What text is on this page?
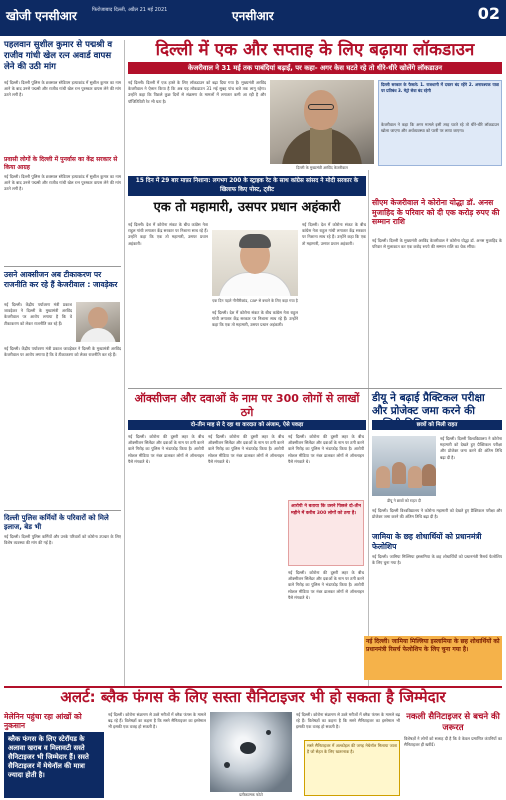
खोजी एनसीआर	फिरोजाबाद दिल्ली, अप्रैल 21 मई 2021	एनसीआर	02
पहलवान सुशील कुमार से पद्मश्री व राजीव गांधी खेल रत्न अवार्ड वापस लेने की उठी मांग
नई दिल्ली। दिल्ली पुलिस के छत्रसाल स्टेडियम हत्याकांड में सुशील कुमार का नाम आने के बाद उनसे पद्मश्री और राजीव गांधी खेल रत्न पुरस्कार वापस लेने की मांग उठने लगी है।
प्रवासी लोगों के दिल्ली में पुनर्वास का केंद्र सरकार से किया आग्रह
नई दिल्ली। दिल्ली पुलिस के छत्रसाल स्टेडियम हत्याकांड में सुशील कुमार का नाम आने के बाद उनसे पद्मश्री और राजीव गांधी खेल रत्न पुरस्कार वापस लेने की मांग उठने लगी है।
उसने आक्सीजन अब टीकाकरण पर राजनीति कर रहे हैं केजरीवाल : जावड़ेकर
नई दिल्ली। केंद्रीय पर्यावरण मंत्री प्रकाश जावड़ेकर ने दिल्ली के मुख्यमंत्री अरविंद केजरीवाल पर आरोप लगाया है कि वे टीकाकरण को लेकर राजनीति कर रहे हैं।
नई दिल्ली। केंद्रीय पर्यावरण मंत्री प्रकाश जावड़ेकर ने दिल्ली के मुख्यमंत्री अरविंद केजरीवाल पर आरोप लगाया है कि वे टीकाकरण को लेकर राजनीति कर रहे हैं।
दिल्ली पुलिस कर्मियों के परिवारों को मिले इलाज, बेड भी
नई दिल्ली। दिल्ली पुलिस कर्मियों और उनके परिवारों को कोरोना उपचार के लिए विशेष व्यवस्था की मांग की गई है।
दिल्ली में एक और सप्ताह के लिए बढ़ाया लॉकडाउन
केजरीवाल ने 31 मई तक पाबंदियां बढ़ाईं, पर कहा- अगर केस घटते रहे तो धीरे-धीरे खोलेंगे लॉकडाउन
नई दिल्ली। दिल्ली में एक हफ्ते के लिए लॉकडाउन को बढ़ा दिया गया है। मुख्यमंत्री अरविंद केजरीवाल ने ऐलान किया है कि अब यह लॉकडाउन 31 मई सुबह पांच बजे तक लागू रहेगा। उन्होंने कहा कि पिछले कुछ दिनों से संक्रमण के मामलों में लगातार कमी आ रही है और पॉजिटिविटी रेट भी घटा है।
दिल्ली के मुख्यमंत्री अरविंद केजरीवाल
दिल्ली सरकार के फैसले: 1. राजधानी में दफ्तर बंद रहेंगे 2. अनावश्यक यात्रा पर प्रतिबंध 3. मेट्रो सेवा बंद रहेगी
केजरीवाल ने कहा कि अगर मामले इसी तरह घटते रहे तो धीरे-धीरे लॉकडाउन खोला जाएगा और अर्थव्यवस्था को पटरी पर लाया जाएगा।
15 दिन में 29 बार माफ़ा निशाना: लगभग 200 के स्ट्राइक रेट के साथ कांग्रेस सांसद ने मोदी सरकार के खिलाफ किए पोस्ट, ट्वीट
एक तो महामारी, उसपर प्रधान अहंकारी
नई दिल्ली। देश में कोरोना संकट के बीच कांग्रेस नेता राहुल गांधी लगातार केंद्र सरकार पर निशाना साध रहे हैं। उन्होंने कहा कि एक तो महामारी, उसपर प्रधान अहंकारी।
एक दिन पहले नीनीरीकांड, CBP से बचाने के लिए कहा गया है
नई दिल्ली। देश में कोरोना संकट के बीच कांग्रेस नेता राहुल गांधी लगातार केंद्र सरकार पर निशाना साध रहे हैं। उन्होंने कहा कि एक तो महामारी, उसपर प्रधान अहंकारी।
नई दिल्ली। देश में कोरोना संकट के बीच कांग्रेस नेता राहुल गांधी लगातार केंद्र सरकार पर निशाना साध रहे हैं। उन्होंने कहा कि एक तो महामारी, उसपर प्रधान अहंकारी।
सीएम केजरीवाल ने कोरोना योद्धा डॉ. अनस मुजाहिद के परिवार को दी एक करोड़ रुपए की सम्मान राशि
नई दिल्ली। दिल्ली के मुख्यमंत्री अरविंद केजरीवाल ने कोरोना योद्धा डॉ. अनस मुजाहिद के परिवार से मुलाकात कर एक करोड़ रुपये की सम्मान राशि का चेक सौंपा।
ऑक्सीजन और दवाओं के नाम पर 300 लोगों से लाखों ठगे
दो-तीन माह से दे रहा था वारदात को अंजाम, ऐसे पकड़ा
नई दिल्ली। कोरोना की दूसरी लहर के बीच ऑक्सीजन सिलेंडर और दवाओं के नाम पर ठगी करने वाले गिरोह का पुलिस ने भंडाफोड़ किया है। आरोपी सोशल मीडिया पर नंबर डालकर लोगों से ऑनलाइन पैसे मंगवाते थे।
नई दिल्ली। कोरोना की दूसरी लहर के बीच ऑक्सीजन सिलेंडर और दवाओं के नाम पर ठगी करने वाले गिरोह का पुलिस ने भंडाफोड़ किया है। आरोपी सोशल मीडिया पर नंबर डालकर लोगों से ऑनलाइन पैसे मंगवाते थे।
आरोपी ने बताया कि उसने पिछले दो-तीन महीने में करीब 300 लोगों को ठगा है।
नई दिल्ली। कोरोना की दूसरी लहर के बीच ऑक्सीजन सिलेंडर और दवाओं के नाम पर ठगी करने वाले गिरोह का पुलिस ने भंडाफोड़ किया है। आरोपी सोशल मीडिया पर नंबर डालकर लोगों से ऑनलाइन पैसे मंगवाते थे।
नई दिल्ली। कोरोना की दूसरी लहर के बीच ऑक्सीजन सिलेंडर और दवाओं के नाम पर ठगी करने वाले गिरोह का पुलिस ने भंडाफोड़ किया है। आरोपी सोशल मीडिया पर नंबर डालकर लोगों से ऑनलाइन पैसे मंगवाते थे।
डीयू ने बढ़ाई प्रैक्टिकल परीक्षा और प्रोजेक्ट जमा करने की
छात्रों को मिली राहत
डीयू ने छात्रों को राहत दी
नई दिल्ली। दिल्ली विश्वविद्यालय ने कोरोना महामारी को देखते हुए प्रैक्टिकल परीक्षा और प्रोजेक्ट जमा करने की अंतिम तिथि बढ़ा दी है।
नई दिल्ली। दिल्ली विश्वविद्यालय ने कोरोना महामारी को देखते हुए प्रैक्टिकल परीक्षा और प्रोजेक्ट जमा करने की अंतिम तिथि बढ़ा दी है।
जामिया के छह शोधार्थियों को प्रधानमंत्री फेलोशिप
नई दिल्ली। जामिया मिल्लिया इस्लामिया के छह शोधार्थियों को प्रधानमंत्री रिसर्च फेलोशिप के लिए चुना गया है।
नई दिल्ली। जामिया मिल्लिया इस्लामिया के छह शोधार्थियों को प्रधानमंत्री रिसर्च फेलोशिप के लिए चुना गया है।
अलर्ट: ब्लैक फंगस के लिए सस्ता सैनिटाइजर भी हो सकता है जिम्मेदार
मेलेनिन पहुंचा रहा आंखों को नुकसान
ब्लैक फंगस के लिए स्टेरॉयड के अलावा खराब व मिलावटी सस्ते सैनिटाइजर भी जिम्मेदार हैं। सस्ते सैनिटाइजर में मेथेनॉल की मात्रा ज्यादा होती है।
नई दिल्ली। कोरोना संक्रमण से उबरे मरीजों में ब्लैक फंगस के मामले बढ़ रहे हैं। विशेषज्ञों का कहना है कि सस्ते सैनिटाइजर का इस्तेमाल भी इसकी एक वजह हो सकती है।
प्रतीकात्मक फोटो
नई दिल्ली। कोरोना संक्रमण से उबरे मरीजों में ब्लैक फंगस के मामले बढ़ रहे हैं। विशेषज्ञों का कहना है कि सस्ते सैनिटाइजर का इस्तेमाल भी इसकी एक वजह हो सकती है।
सस्ते सैनिटाइजर में अल्कोहल की जगह मेथेनॉल मिलाया जाता है जो सेहत के लिए खतरनाक है।
नकली सैनिटाइजर से बचने की जरूरत
विशेषज्ञों ने लोगों को सलाह दी है कि वे केवल प्रमाणित कंपनियों का सैनिटाइजर ही खरीदें।
